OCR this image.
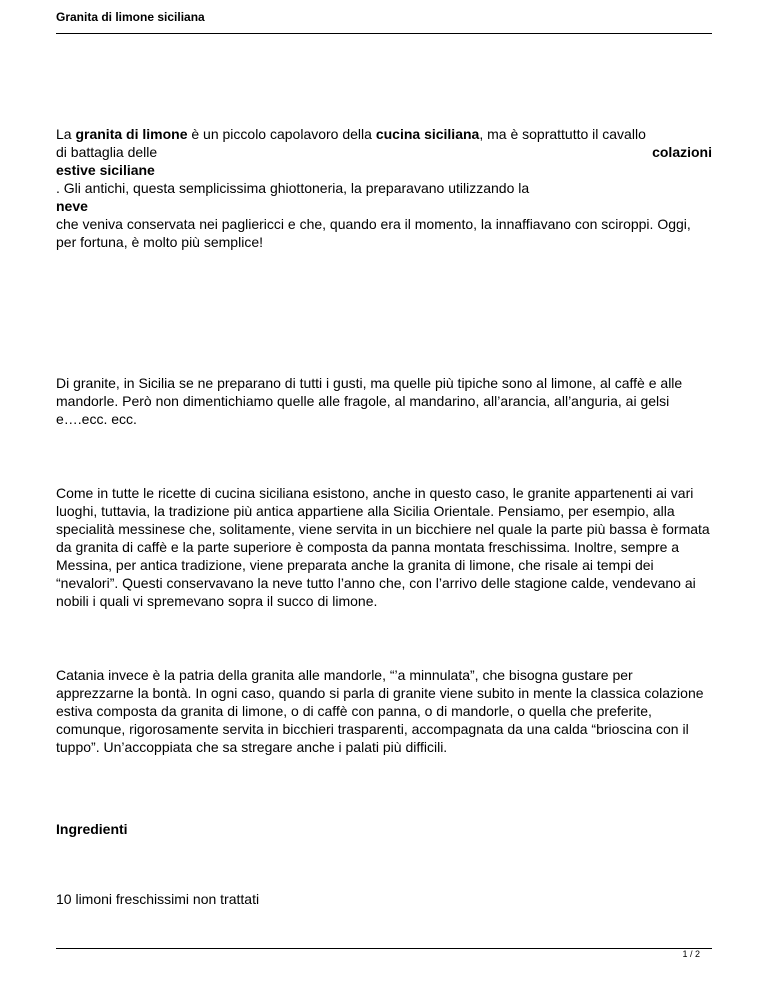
Granita di limone siciliana
La granita di limone è un piccolo capolavoro della cucina siciliana, ma è soprattutto il cavallo
di battaglia delle	colazioni
estive siciliane
. Gli antichi, questa semplicissima ghiottoneria, la preparavano utilizzando la
neve
che veniva conservata nei pagliericci e che, quando era il momento, la innaffiavano con sciroppi. Oggi, per fortuna, è molto più semplice!

Di granite, in Sicilia se ne preparano di tutti i gusti, ma quelle più tipiche sono al limone, al caffè e alle mandorle. Però non dimentichiamo quelle alle fragole, al mandarino, all’arancia, all’anguria, ai gelsi e….ecc. ecc.

Come in tutte le ricette di cucina siciliana esistono, anche in questo caso, le granite appartenenti ai vari luoghi, tuttavia, la tradizione più antica appartiene alla Sicilia Orientale. Pensiamo, per esempio, alla specialità messinese che, solitamente, viene servita in un bicchiere nel quale la parte più bassa è formata da granita di caffè e la parte superiore è composta da panna montata freschissima. Inoltre, sempre a Messina, per antica tradizione, viene preparata anche la granita di limone, che risale ai tempi dei “nevalori”. Questi conservavano la neve tutto l’anno che, con l’arrivo delle stagione calde, vendevano ai nobili i quali vi spremevano sopra il succo di limone.

Catania invece è la patria della granita alle mandorle, “’a minnulata”, che bisogna gustare per apprezzarne la bontà. In ogni caso, quando si parla di granite viene subito in mente la classica colazione estiva composta da granita di limone, o di caffè con panna, o di mandorle, o quella che preferite, comunque, rigorosamente servita in bicchieri trasparenti, accompagnata da una calda “brioscina con il tuppo”. Un’accoppiata che sa stregare anche i palati più difficili.

Ingredienti
10 limoni freschissimi non trattati
1 / 2
